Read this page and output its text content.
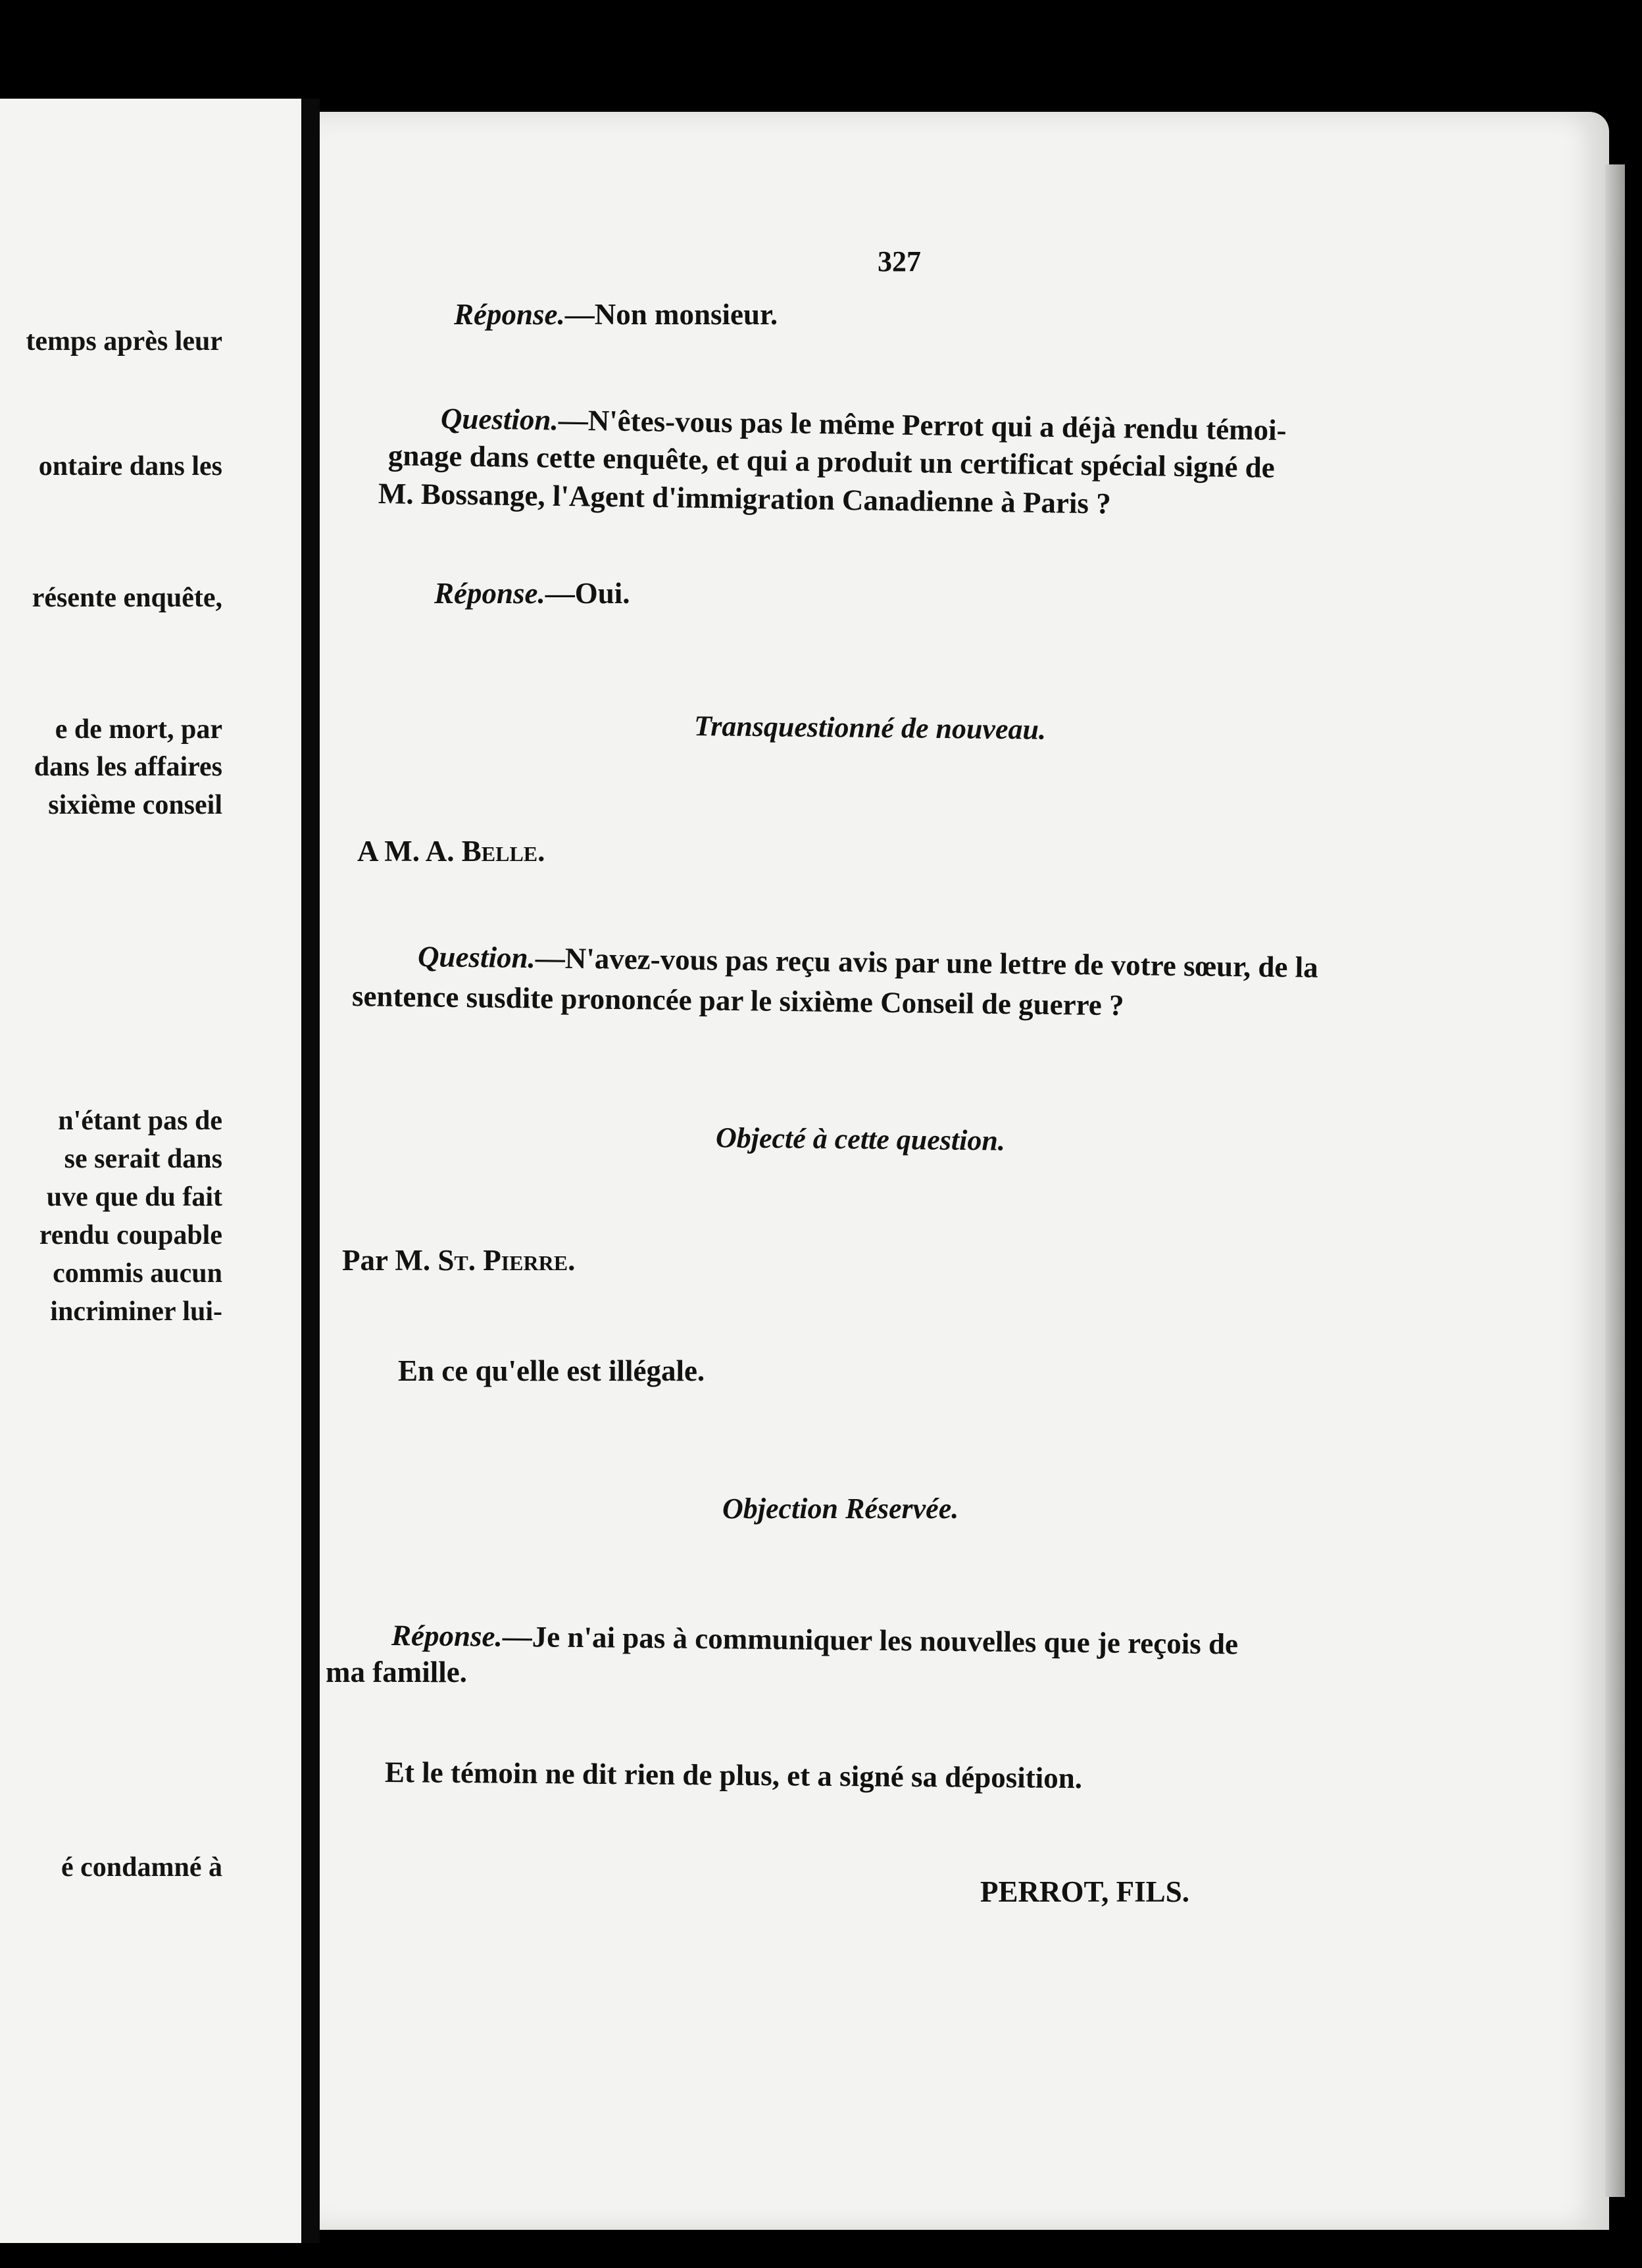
temps après leur
ontaire dans les
résente enquête,
e de mort, par
dans les affaires
sixième conseil
n'étant pas de
se serait dans
uve que du fait
rendu coupable
commis aucun
incriminer lui-
é condamné à
327
Réponse.—Non monsieur.
Question.—N'êtes-vous pas le même Perrot qui a déjà rendu témoi-
gnage dans cette enquête, et qui a produit un certificat spécial signé de
M. Bossange, l'Agent d'immigration Canadienne à Paris ?
Réponse.—Oui.
Transquestionné de nouveau.
A M. A. Belle.
Question.—N'avez-vous pas reçu avis par une lettre de votre sœur, de la
sentence susdite prononcée par le sixième Conseil de guerre ?
Objecté à cette question.
Par M. St. Pierre.
En ce qu'elle est illégale.
Objection Réservée.
Réponse.—Je n'ai pas à communiquer les nouvelles que je reçois de
ma famille.
Et le témoin ne dit rien de plus, et a signé sa déposition.
PERROT, FILS.
